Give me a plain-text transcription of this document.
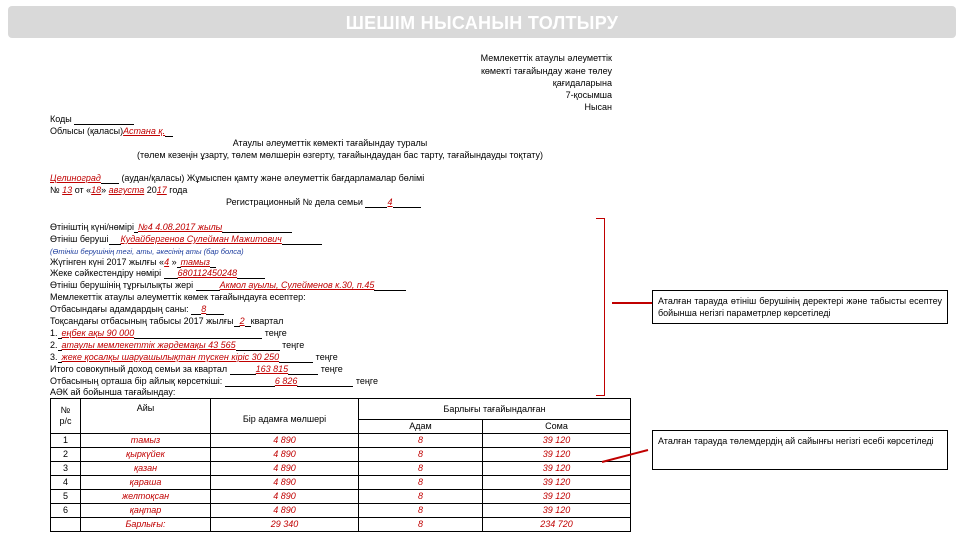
ШЕШІМ НЫСАНЫН ТОЛТЫРУ
Мемлекеттік атаулы әлеуметтік
көмекті тағайындау және төлеу
қағидаларына
7-қосымша
Нысан
Коды
Облысы (қаласы)Астана қ.
Атаулы әлеуметтік көмекті тағайындау туралы
(төлем кезеңін ұзарту, төлем мөлшерін өзгерту, тағайындаудан бас тарту, тағайындауды тоқтату)
Целиноград (аудан/қаласы) Жұмыспен қамту және әлеуметтік бағдарламалар бөлімі
№ 13 от «18» августа 2017 года
Регистрационный № дела семьи	4
Өтініштің күні/нөмірі №4 4.08.2017 жылы
Өтініш беруші Кудайбергенов Сулейман Мажитович
(Өтініш берушінің тегі, аты, әкесінің аты (бар болса)
Жүгінген күні 2017 жылғы «4 » тамыз
Жеке сәйкестендіру нөмірі 680112450248
Өтініш берушінің тұрғылықты жері	Акмол ауылы, Сулейменов к.30, п.45
Мемлекеттік атаулы әлеуметтік көмек тағайындауға есептер:
Отбасындағы адамдардың саны: 8
Тоқсандағы отбасының табысы 2017 жылғы 2 квартал
1. еңбек ақы 90 000	теңге
2. атаулы мемлекеттік жәрдемақы 43 565	теңге
3. жеке қосалқы шаруашылықтан түскен кіріс 30 250	теңге
Итого совокупный доход семьи за квартал	163 815	теңге
Отбасының орташа бір айлық көрсеткіші:	6 826	теңге
АӘК ай бойынша тағайындау:
№
р/с	Айы	Бір адамға мөлшері	Барлығы тағайындалған	
			Адам	Сома
1	тамыз	4 890	8	39 120
2	қыркүйек	4 890	8	39 120
3	қазан	4 890	8	39 120
4	қараша	4 890	8	39 120
5	желтоқсан	4 890	8	39 120
6	қаңтар	4 890	8	39 120
	Барлығы:	29 340	8	234 720
Аталған тарауда өтініш берушінің деректері және табысты есептеу бойынша негізгі параметрлер көрсетіледі
Аталған тарауда төлемдердің ай сайынғы негізгі есебі көрсетіледі
